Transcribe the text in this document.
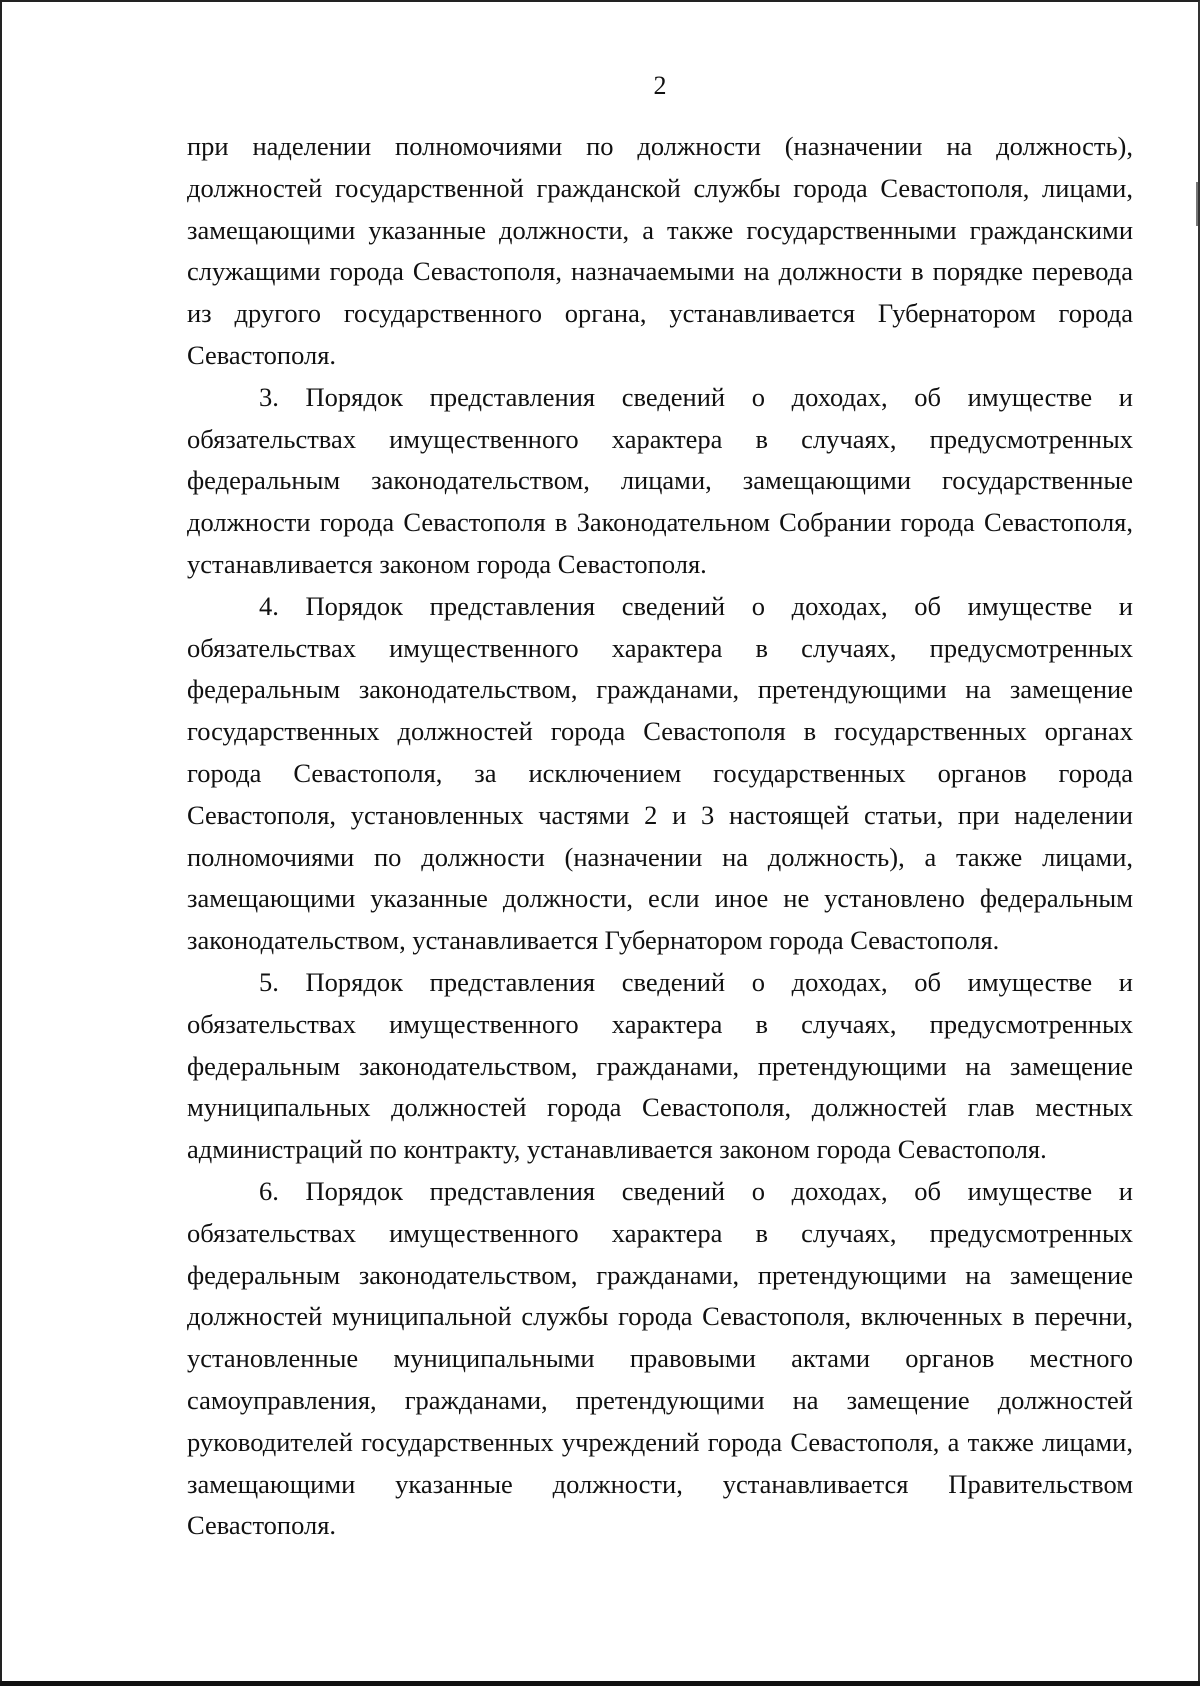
2

при наделении полномочиями по должности (назначении на должность), должностей государственной гражданской службы города Севастополя, лицами, замещающими указанные должности, а также государственными гражданскими служащими города Севастополя, назначаемыми на должности в порядке перевода из другого государственного органа, устанавливается Губернатором города Севастополя.

3. Порядок представления сведений о доходах, об имуществе и обязательствах имущественного характера в случаях, предусмотренных федеральным законодательством, лицами, замещающими государственные должности города Севастополя в Законодательном Собрании города Севастополя, устанавливается законом города Севастополя.

4. Порядок представления сведений о доходах, об имуществе и обязательствах имущественного характера в случаях, предусмотренных федеральным законодательством, гражданами, претендующими на замещение государственных должностей города Севастополя в государственных органах города Севастополя, за исключением государственных органов города Севастополя, установленных частями 2 и 3 настоящей статьи, при наделении полномочиями по должности (назначении на должность), а также лицами, замещающими указанные должности, если иное не установлено федеральным законодательством, устанавливается Губернатором города Севастополя.

5. Порядок представления сведений о доходах, об имуществе и обязательствах имущественного характера в случаях, предусмотренных федеральным законодательством, гражданами, претендующими на замещение муниципальных должностей города Севастополя, должностей глав местных администраций по контракту, устанавливается законом города Севастополя.

6. Порядок представления сведений о доходах, об имуществе и обязательствах имущественного характера в случаях, предусмотренных федеральным законодательством, гражданами, претендующими на замещение должностей муниципальной службы города Севастополя, включенных в перечни, установленные муниципальными правовыми актами органов местного самоуправления, гражданами, претендующими на замещение должностей руководителей государственных учреждений города Севастополя, а также лицами, замещающими указанные должности, устанавливается Правительством Севастополя.
